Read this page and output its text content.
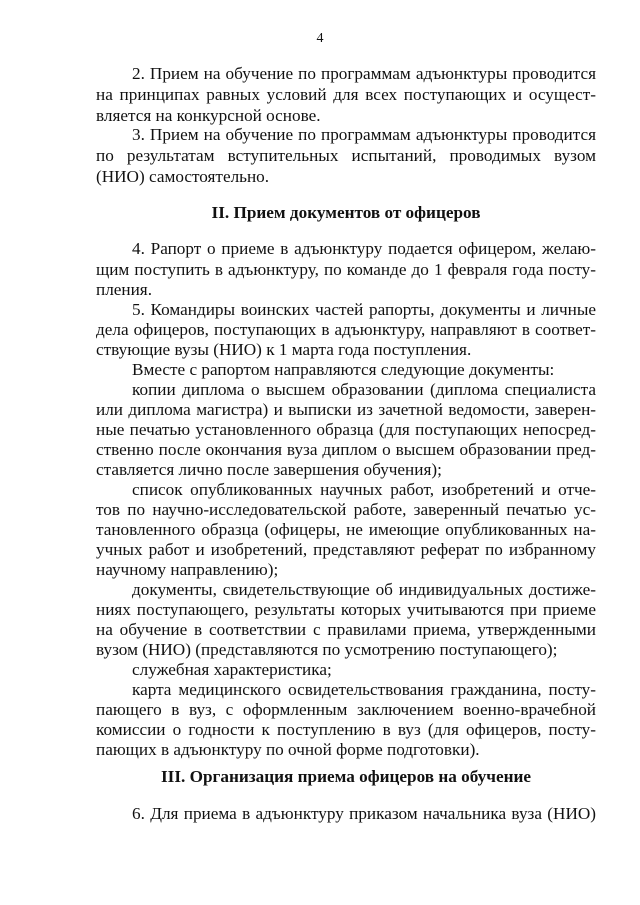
4
2. Прием на обучение по программам адъюнктуры проводится
на принципах равных условий для всех поступающих и осущест-
вляется на конкурсной основе.
3. Прием на обучение по программам адъюнктуры проводится
по результатам вступительных испытаний, проводимых вузом
(НИО) самостоятельно.
II. Прием документов от офицеров
4. Рапорт о приеме в адъюнктуру подается офицером, желаю-
щим поступить в адъюнктуру, по команде до 1 февраля года посту-
пления.
5. Командиры воинских частей рапорты, документы и личные
дела офицеров, поступающих в адъюнктуру, направляют в соответ-
ствующие вузы (НИО) к 1 марта года поступления.
Вместе с рапортом направляются следующие документы:
копии диплома о высшем образовании (диплома специалиста
или диплома магистра) и выписки из зачетной ведомости, заверен-
ные печатью установленного образца (для поступающих непосред-
ственно после окончания вуза диплом о высшем образовании пред-
ставляется лично после завершения обучения);
список опубликованных научных работ, изобретений и отче-
тов по научно-исследовательской работе, заверенный печатью ус-
тановленного образца (офицеры, не имеющие опубликованных на-
учных работ и изобретений, представляют реферат по избранному
научному направлению);
документы, свидетельствующие об индивидуальных достиже-
ниях поступающего, результаты которых учитываются при приеме
на обучение в соответствии с правилами приема, утвержденными
вузом (НИО) (представляются по усмотрению поступающего);
служебная характеристика;
карта медицинского освидетельствования гражданина, посту-
пающего в вуз, с оформленным заключением военно-врачебной
комиссии о годности к поступлению в вуз (для офицеров, посту-
пающих в адъюнктуру по очной форме подготовки).
III. Организация приема офицеров на обучение
6. Для приема в адъюнктуру приказом начальника вуза (НИО)
